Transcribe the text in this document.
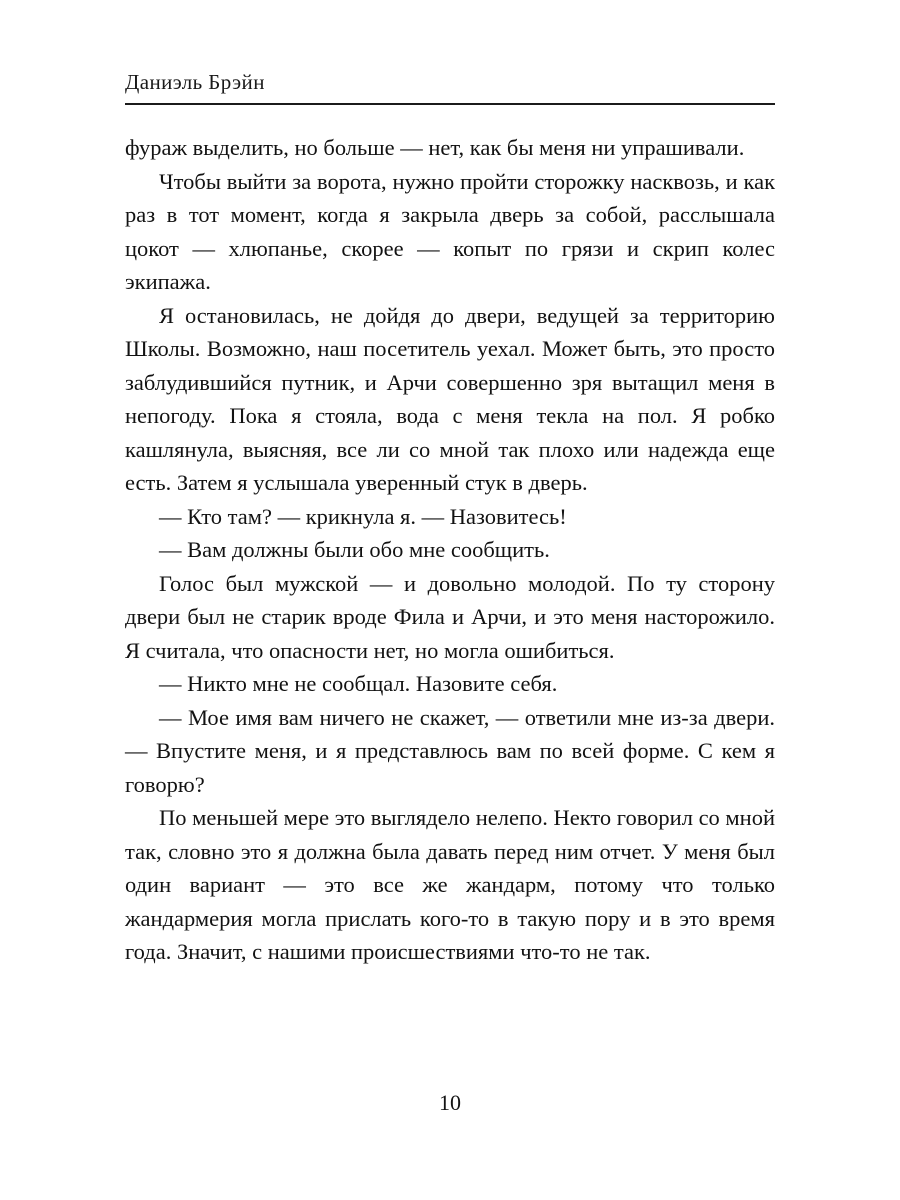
Даниэль Брэйн

фураж выделить, но больше — нет, как бы меня ни упрашивали.

Чтобы выйти за ворота, нужно пройти сторожку насквозь, и как раз в тот момент, когда я закрыла дверь за собой, расслышала цокот — хлюпанье, скорее — копыт по грязи и скрип колес экипажа.

Я остановилась, не дойдя до двери, ведущей за территорию Школы. Возможно, наш посетитель уехал. Может быть, это просто заблудившийся путник, и Арчи совершенно зря вытащил меня в непогоду. Пока я стояла, вода с меня текла на пол. Я робко кашлянула, выясняя, все ли со мной так плохо или надежда еще есть. Затем я услышала уверенный стук в дверь.

— Кто там? — крикнула я. — Назовитесь!

— Вам должны были обо мне сообщить.

Голос был мужской — и довольно молодой. По ту сторону двери был не старик вроде Фила и Арчи, и это меня насторожило. Я считала, что опасности нет, но могла ошибиться.

— Никто мне не сообщал. Назовите себя.

— Мое имя вам ничего не скажет, — ответили мне из-за двери. — Впустите меня, и я представлюсь вам по всей форме. С кем я говорю?

По меньшей мере это выглядело нелепо. Некто говорил со мной так, словно это я должна была давать перед ним отчет. У меня был один вариант — это все же жандарм, потому что только жандармерия могла прислать кого-то в такую пору и в это время года. Значит, с нашими происшествиями что-то не так.

10
